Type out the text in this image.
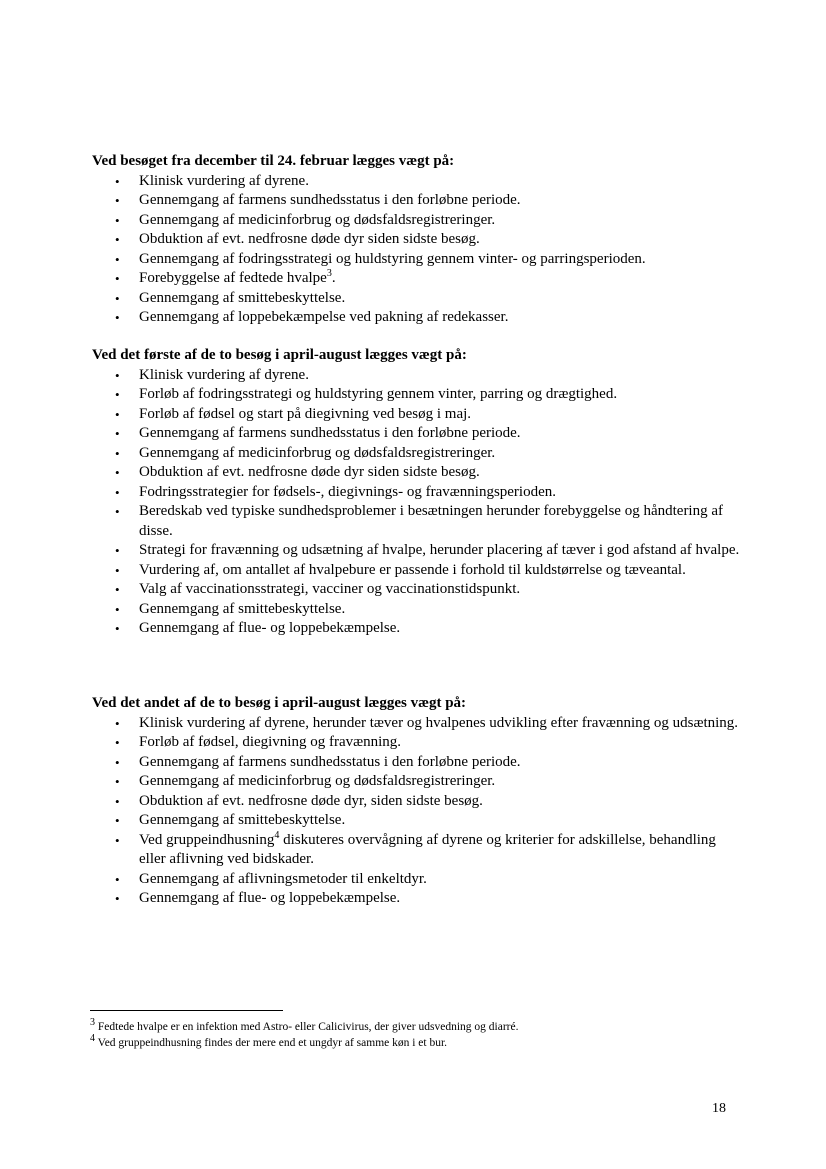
Ved besøget fra december til 24. februar lægges vægt på:

• Klinisk vurdering af dyrene.
• Gennemgang af farmens sundhedsstatus i den forløbne periode.
• Gennemgang af medicinforbrug og dødsfaldsregistreringer.
• Obduktion af evt. nedfrosne døde dyr siden sidste besøg.
• Gennemgang af fodringsstrategi og huldstyring gennem vinter- og parringsperioden.
• Forebyggelse af fedtede hvalpe$^3$.
• Gennemgang af smittebeskyttelse.
• Gennemgang af loppebekæmpelse ved pakning af redekasser.

Ved det første af de to besøg i april-august lægges vægt på:

• Klinisk vurdering af dyrene.
• Forløb af fodringsstrategi og huldstyring gennem vinter, parring og drægtighed.
• Forløb af fødsel og start på diegivning ved besøg i maj.
• Gennemgang af farmens sundhedsstatus i den forløbne periode.
• Gennemgang af medicinforbrug og dødsfaldsregistreringer.
• Obduktion af evt. nedfrosne døde dyr siden sidste besøg.
• Fodringsstrategier for fødsels-, diegivnings- og fravænningsperioden.
• Beredskab ved typiske sundhedsproblemer i besætningen herunder forebyggelse og håndtering af disse.
• Strategi for fravænning og udsætning af hvalpe, herunder placering af tæver i god afstand af hvalpe.
• Vurdering af, om antallet af hvalpebure er passende i forhold til kuldstørrelse og tæveantal.
• Valg af vaccinationsstrategi, vacciner og vaccinationstidspunkt.
• Gennemgang af smittebeskyttelse.
• Gennemgang af flue- og loppebekæmpelse.

Ved det andet af de to besøg i april-august lægges vægt på:

• Klinisk vurdering af dyrene, herunder tæver og hvalpenes udvikling efter fravænning og udsætning.
• Forløb af fødsel, diegivning og fravænning.
• Gennemgang af farmens sundhedsstatus i den forløbne periode.
• Gennemgang af medicinforbrug og dødsfaldsregistreringer.
• Obduktion af evt. nedfrosne døde dyr, siden sidste besøg.
• Gennemgang af smittebeskyttelse.
• Ved gruppeindhusning$^4$ diskuteres overvågning af dyrene og kriterier for adskillelse, behandling eller aflivning ved bidskader.
• Gennemgang af aflivningsmetoder til enkeltdyr.
• Gennemgang af flue- og loppebekæmpelse.
$^3$ Fedtede hvalpe er en infektion med Astro- eller Calicivirus, der giver udsvedning og diarré.
$^4$ Ved gruppeindhusning findes der mere end et ungdyr af samme køn i et bur.
18
